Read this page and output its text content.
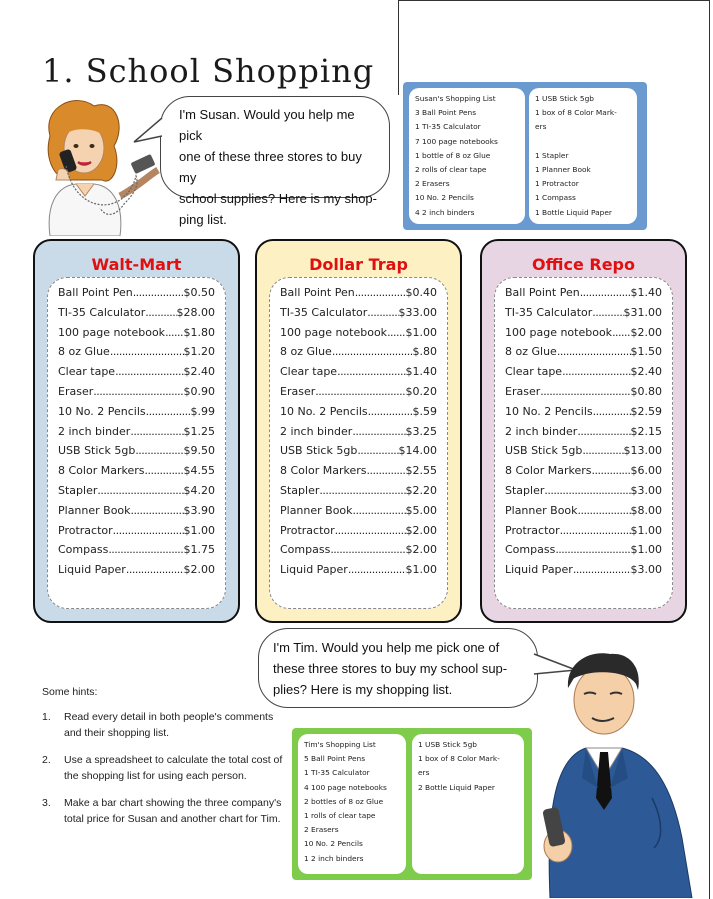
1. School Shopping
I'm Susan. Would you help me pick
one of these three stores to buy my
school supplies? Here is my shop-
ping list.
Susan's Shopping List
3 Ball Point Pens
1 TI-35 Calculator
7 100 page notebooks
1 bottle of 8 oz Glue
2 rolls of clear tape
2 Erasers
10 No. 2 Pencils
4 2 inch binders
1 USB Stick 5gb
1 box of 8 Color Mark-
ers

1 Stapler
1 Planner Book
1 Protractor
1 Compass
1 Bottle Liquid Paper
Walt-Mart
Ball Point Pen .....	$0.50
TI-35 Calculator .....	$28.00
100 page notebook ..... $1.80
8 oz Glue .....	$1.20
Clear tape .....	$2.40
Eraser .....	$0.90
10 No. 2 Pencils .....	$.99
2 inch binder .....	$1.25
USB Stick 5gb .....	$9.50
8 Color Markers .....	$4.55
Stapler .....	$4.20
Planner Book .....	$3.90
Protractor .....	$1.00
Compass .....	$1.75
Liquid Paper .....	$2.00
Dollar Trap
Ball Point Pen .....	$0.40
TI-35 Calculator .....	$33.00
100 page notebook ..... $1.00
8 oz Glue .....	$.80
Clear tape .....	$1.40
Eraser .....	$0.20
10 No. 2 Pencils .....	$.59
2 inch binder .....	$3.25
USB Stick 5gb .....	$14.00
8 Color Markers .....	$2.55
Stapler .....	$2.20
Planner Book .....	$5.00
Protractor .....	$2.00
Compass .....	$2.00
Liquid Paper .....	$1.00
Office Repo
Ball Point Pen .....	$1.40
TI-35 Calculator .....	$31.00
100 page notebook ..... $2.00
8 oz Glue .....	$1.50
Clear tape .....	$2.40
Eraser .....	$0.80
10 No. 2 Pencils .....	$2.59
2 inch binder .....	$2.15
USB Stick 5gb .....	$13.00
8 Color Markers .....	$6.00
Stapler .....	$3.00
Planner Book .....	$8.00
Protractor .....	$1.00
Compass .....	$1.00
Liquid Paper .....	$3.00
I'm Tim. Would you help me pick one of
these three stores to buy my school sup-
plies? Here is my shopping list.
Some hints:
1.	Read every detail in both people's comments and their shopping list.
2.	Use a spreadsheet to calculate the total cost of the shopping list for using each person.
3.	Make a bar chart showing the three company's total price for Susan and another chart for Tim.
Tim's Shopping List
5 Ball Point Pens
1 TI-35 Calculator
4 100 page notebooks
2 bottles of 8 oz Glue
1 rolls of clear tape
2 Erasers
10 No. 2 Pencils
1 2 inch binders
1 USB Stick 5gb
1 box of 8 Color Mark-
ers
2 Bottle Liquid Paper
